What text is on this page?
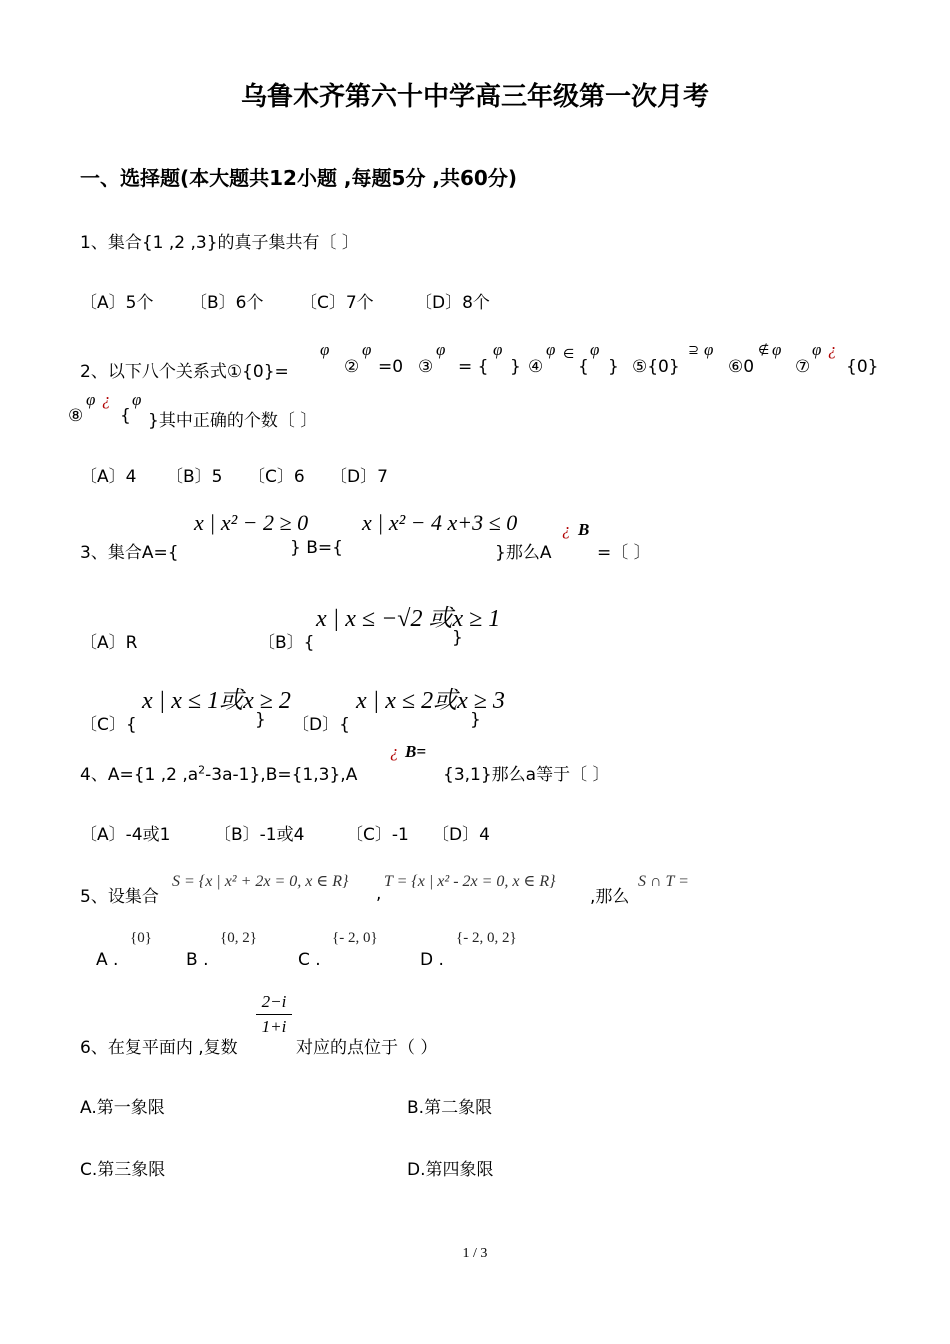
乌鲁木齐第六十中学高三年级第一次月考
一、选择题(本大题共12小题 ,每题5分 ,共60分)
1、集合{1 ,2 ,3}的真子集共有〔 〕
〔A〕5个 〔B〕6个 〔C〕7个 〔D〕8个
2、以下八个关系式①{0}=
φ
②
φ
=0 ③
φ
= {
φ
} ④
φ ∈
{
φ
} ⑤{0}
⊇ φ
⑥0
∉ φ
⑦
φ ¿
{0}
⑧
φ ¿
{
φ
}其中正确的个数〔 〕
〔A〕4 〔B〕5 〔C〕6 〔D〕7
3、集合A={
x | x² − 2 ≥ 0
} B={
x | x² − 4 x+3 ≤ 0
}那么A
¿ B
=〔 〕
〔A〕R	〔B〕{
x | x ≤ −√2 或x ≥ 1
}
〔C〕{
x | x ≤ 1或x ≥ 2
} 〔D〕{
x | x ≤ 2或x ≥ 3
}
4、A={1 ,2 $,a^2-3a-1\},B=\{1,3\},A$
¿ B=
{3,1}那么a等于〔 〕
〔A〕-4或1	〔B〕-1或4 〔C〕-1 〔D〕4
5、设集合
S = {x | x² + 2x = 0, x ∈ R}
,
T = {x | x² - 2x = 0, x ∈ R}
,那么
S ∩ T =
A .
{0}
B .
{0, 2}
C .
{- 2, 0}
D .
{- 2, 0, 2}
6、在复平面内 ,复数
2−i
1+i
对应的点位于（ ）
A.第一象限	B.第二象限
C.第三象限	D.第四象限
1 / 3
